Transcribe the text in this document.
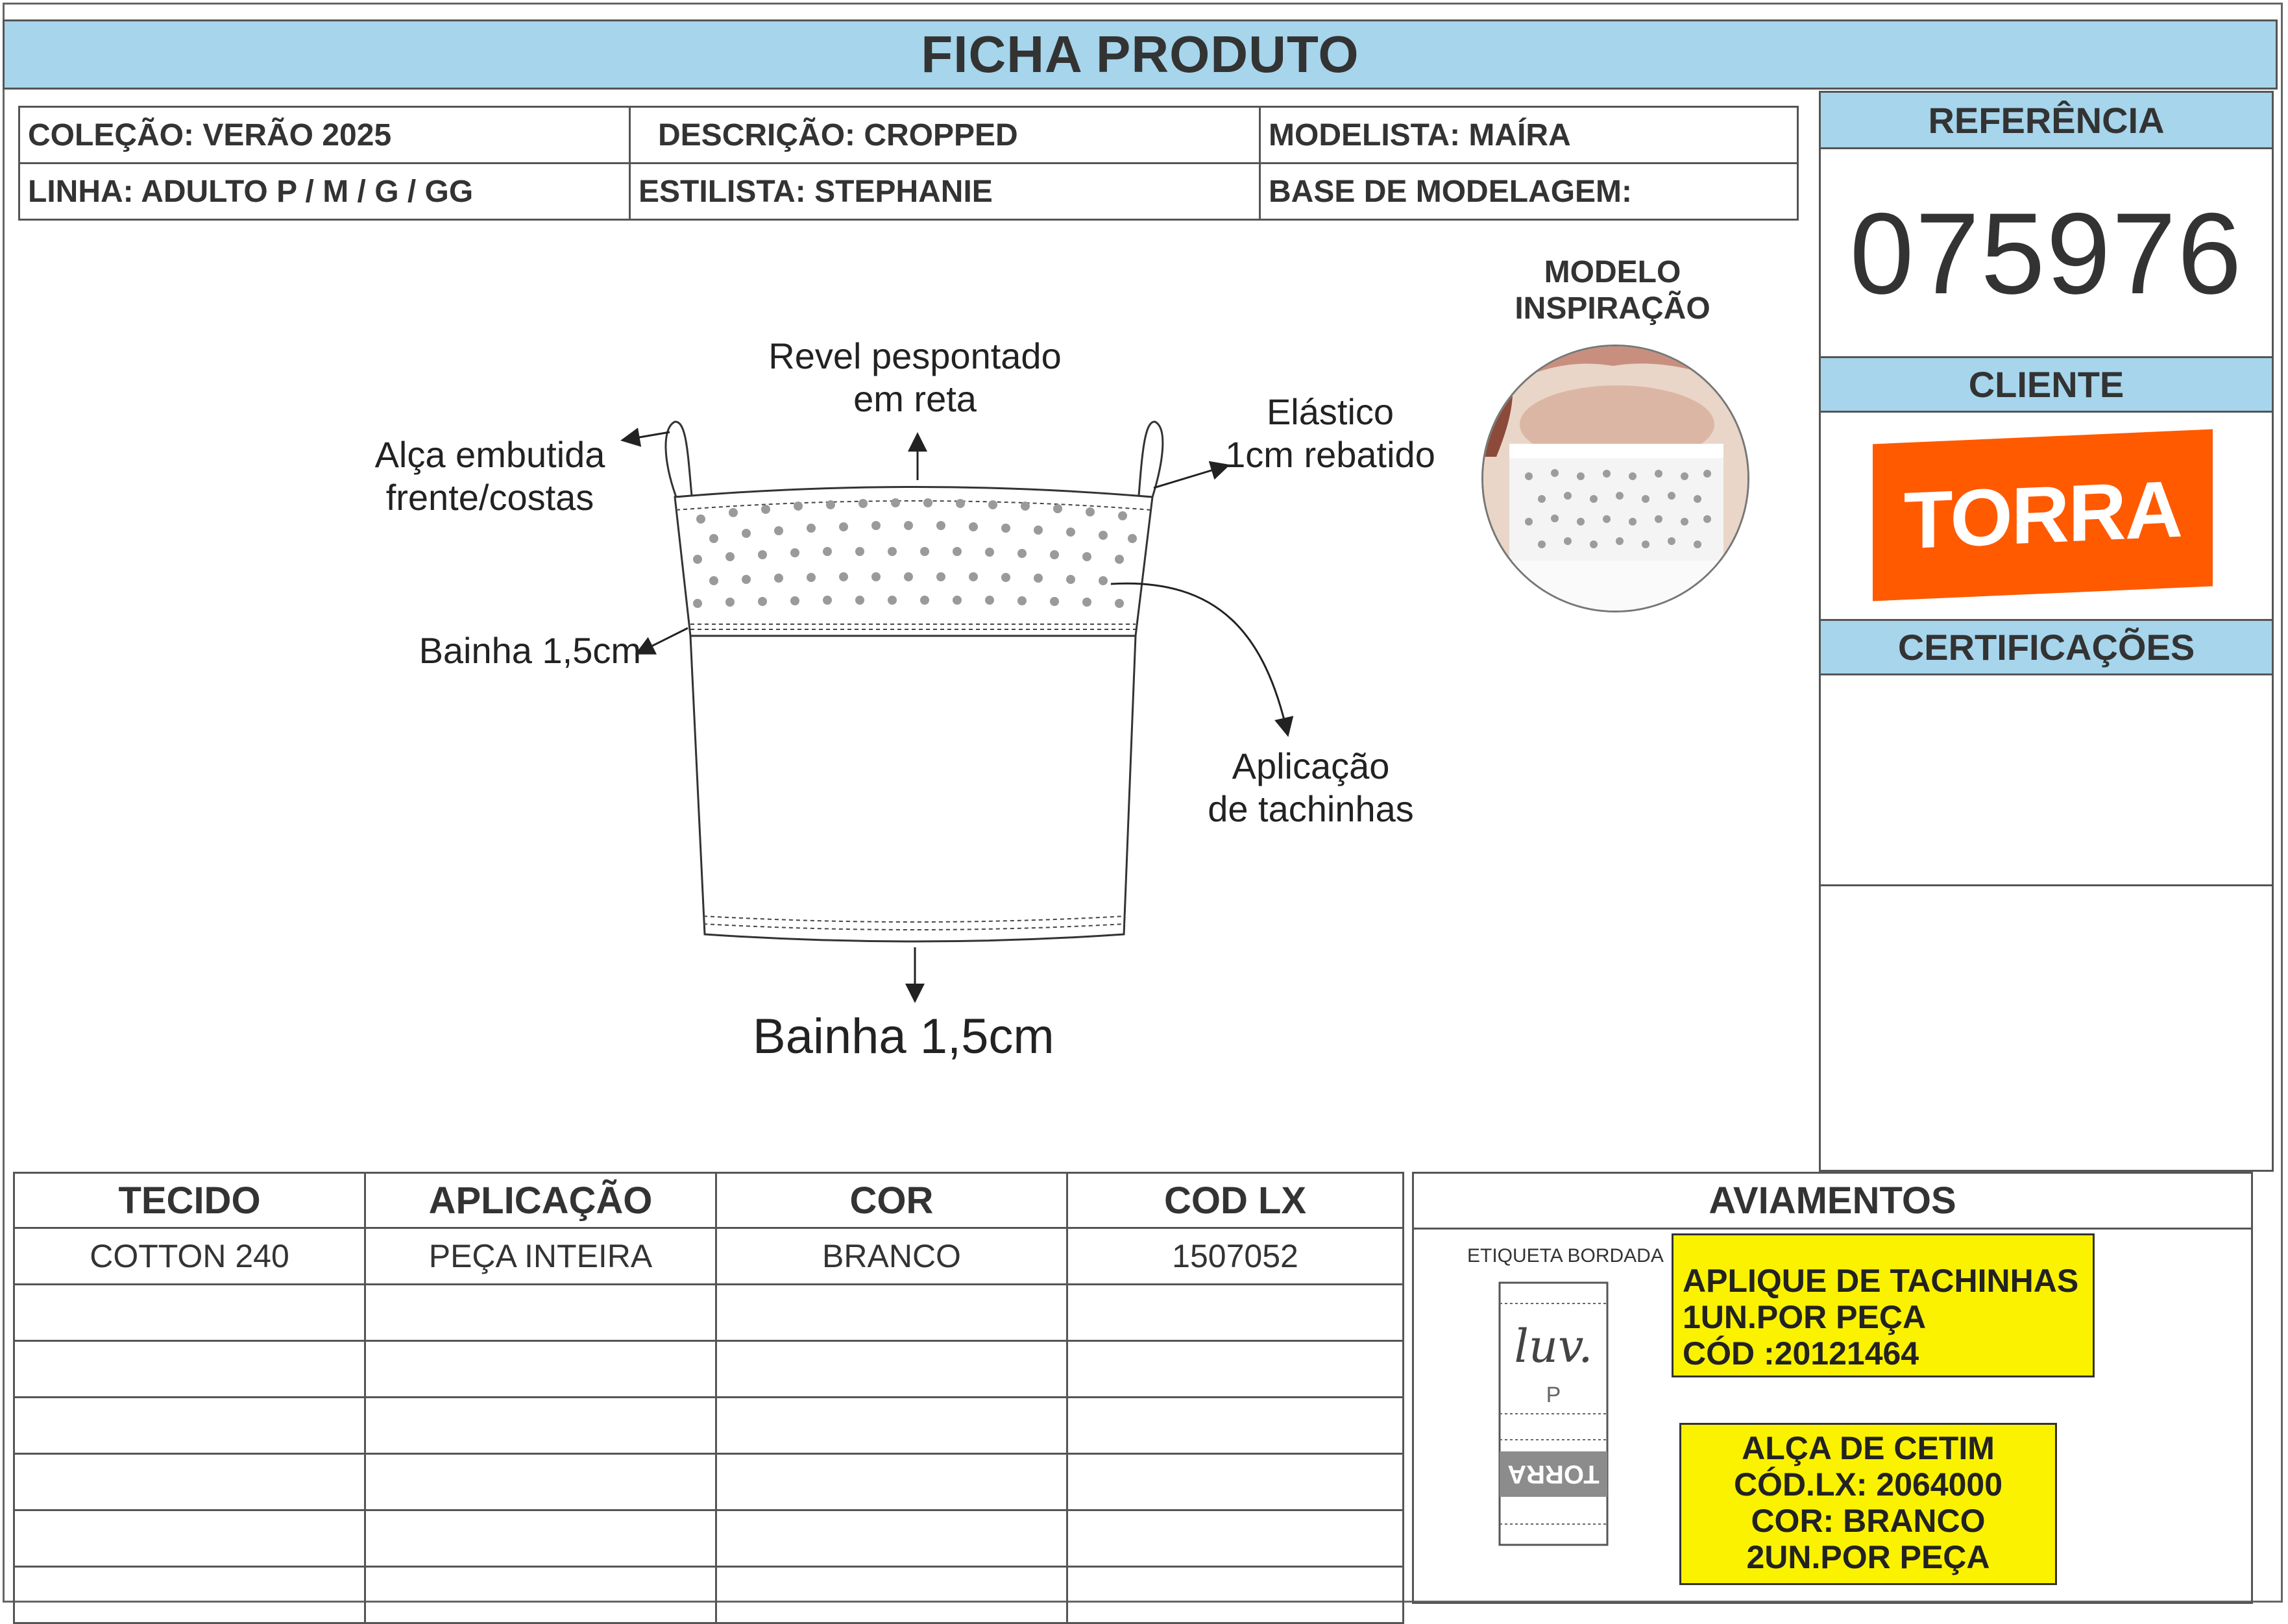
FICHA PRODUTO
COLEÇÃO: VERÃO 2025	DESCRIÇÃO: CROPPED	MODELISTA: MAÍRA
LINHA: ADULTO P / M / G / GG	ESTILISTA: STEPHANIE	BASE DE MODELAGEM:
REFERÊNCIA
075976
CLIENTE
TORRA
CERTIFICAÇÕES
MODELO
INSPIRAÇÃO
Revel pespontado
em reta
Alça embutida
frente/costas
Elástico
1cm rebatido
Bainha 1,5cm
Aplicação
de tachinhas
Bainha 1,5cm
TECIDO	APLICAÇÃO	COR	COD LX
COTTON 240	PEÇA INTEIRA	BRANCO	1507052

AVIAMENTOS
ETIQUETA BORDADA
luv.
P
TORRA
APLIQUE DE TACHINHAS
1UN.POR PEÇA
CÓD :20121464
ALÇA DE CETIM
CÓD.LX: 2064000
COR: BRANCO
2UN.POR PEÇA
